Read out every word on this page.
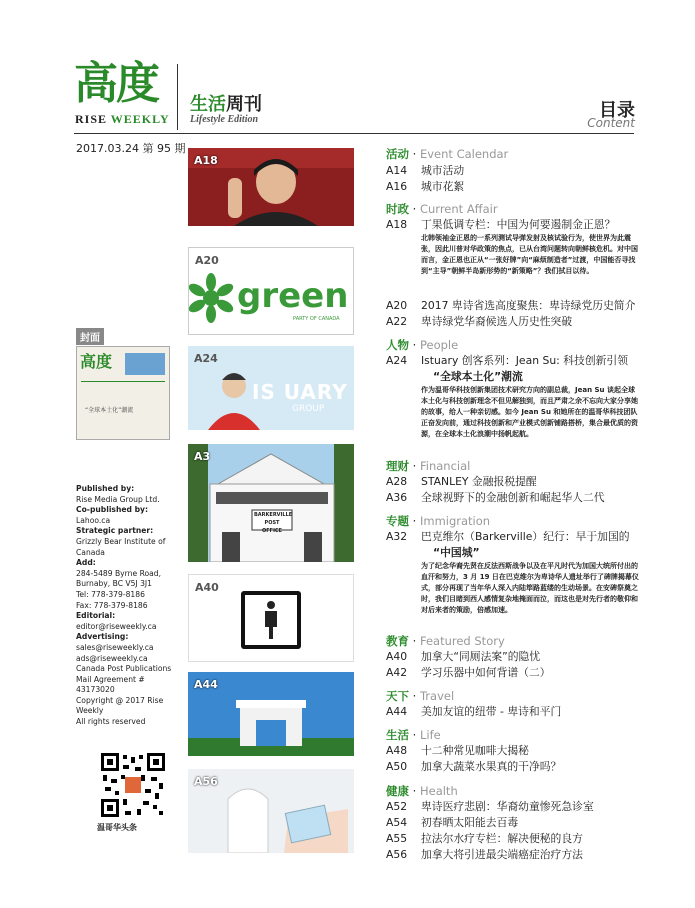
高度
RISE WEEKLY
生活周刊
Lifestyle Edition	目录
Content
2017.03.24 第 95 期
A18
A20
green
PARTY OF CANADA
A24
IS UARY
GROUP
A3
BARKERVILLE POST OFFICE
A40
A44
A56
封面
高度
“全球本土化”潮流
Published by:
Rise Media Group Ltd.
Co-published by:
Lahoo.ca
Strategic partner:
Grizzly Bear Institute of Canada
Add:
284-5489 Byrne Road,
Burnaby, BC V5J 3J1
Tel: 778-379-8186
Fax: 778-379-8186
Editorial:
editor@riseweekly.ca
Advertising:
sales@riseweekly.ca
ads@riseweekly.ca
Canada Post Publications
Mail Agreement # 43173020
Copyright @ 2017 Rise
Weekly
All rights reserved
温哥华头条
活动 · Event Calendar
A14 城市活动
A16 城市花絮
时政 · Current Affair
A18 丁果低调专栏：中国为何要遏制金正恩？
北韩领袖金正恩的一系列测试导弹发射及核试验行为，使世界为此震张，因此川普对华政策的焦点，已从台湾问题转向朝鲜核危机。对中国而言，金正恩也正从“一张好牌”向“麻烦制造者”过渡，中国能否寻找到“主导”朝鲜半岛新形势的“新策略”？我们拭目以待。
A20 2017 卑诗省选高度聚焦：卑诗绿党历史简介
A22 卑诗绿党华裔候选人历史性突破
人物 · People
A24 Istuary 创客系列：Jean Su: 科技创新引领
“全球本土化”潮流
作为温哥华科技创新集团技术研究方向的副总裁，Jean Su 谈起全球本土化与科技创新理念不但见解独到，而且严肃之余不忘向大家分享她的故事，给人一种亲切感。如今 Jean Su 和她所在的温哥华科技团队正奋发向前，通过科技创新和产业模式创新铺路搭桥，集合最优质的资源，在全球本土化浪潮中扬帆起航。
理财 · Financial
A28 STANLEY 金融报税提醒
A36 全球视野下的金融创新和崛起华人二代
专题 · Immigration
A32 巴克维尔（Barkerville）纪行：早于加国的
“中国城”
为了纪念华裔先贤在反法西斯战争以及在平凡时代为加国大统所付出的血汗和努力，3 月 19 日在巴克维尔为卑诗华人遗址举行了碑牌揭幕仪式，部分再现了当年华人深入内陆筚路蓝缕的生动场景。在安碑祭奠之时，我们目睹到西人感情复杂地掩面而泣，而这也是对先行者的敬仰和对后来者的策励，倍感加速。
教育 · Featured Story
A40 加拿大“同厕法案”的隐忧
A42 学习乐器中如何背谱（二）
天下 · Travel
A44 美加友谊的纽带 - 卑诗和平门
生活 · Life
A48 十二种常见咖啡大揭秘
A50 加拿大蔬菜水果真的干净吗？
健康 · Health
A52 卑诗医疗悲剧：华裔幼童惨死急诊室
A54 初春晒太阳能去百毒
A55 拉法尔水疗专栏：解决便秘的良方
A56 加拿大将引进最尖端癌症治疗方法
